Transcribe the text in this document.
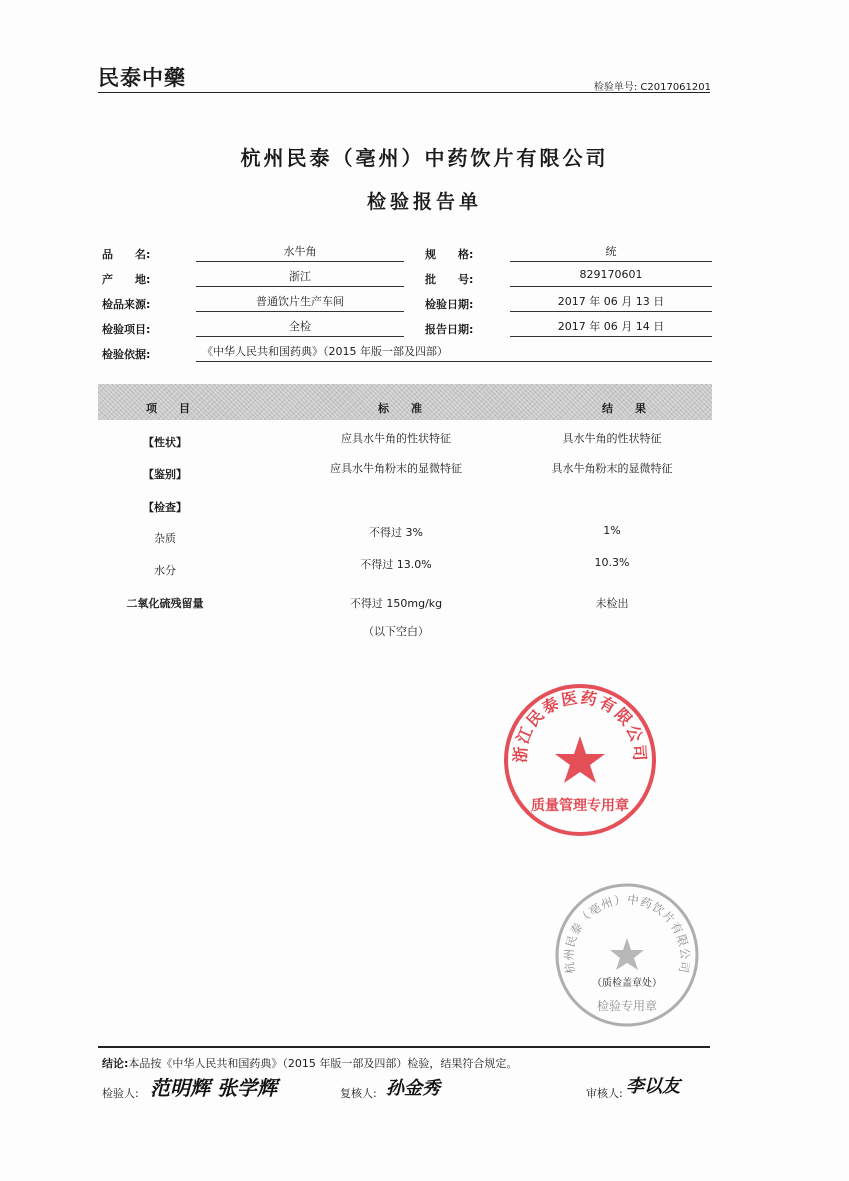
民泰中藥	检验单号: C2017061201
杭州民泰（亳州）中药饮片有限公司
检验报告单
品　　名:	水牛角	规　　格:	统
产　　地:	浙江	批　　号:	829170601
检品来源:	普通饮片生产车间	检验日期:	2017 年 06 月 13 日
检验项目:	全检	报告日期:	2017 年 06 月 14 日
检验依据:	《中华人民共和国药典》（2015 年版一部及四部）
项　　目	标　　准	结　　果
【性状】	应具水牛角的性状特征	具水牛角的性状特征
【鉴别】	应具水牛角粉末的显微特征	具水牛角粉末的显微特征
【检查】
杂质	不得过 3%	1%
水分	不得过 13.0%	10.3%
二氧化硫残留量	不得过 150mg/kg	未检出
（以下空白）
浙江民泰医药有限公司
质量管理专用章
杭州民泰（亳州）中药饮片有限公司
（质检盖章处）
检验专用章
结论:本品按《中华人民共和国药典》（2015 年版一部及四部）检验，结果符合规定。
检验人: 范明辉 张学辉	复核人: 孙金秀	审核人: 李以友
